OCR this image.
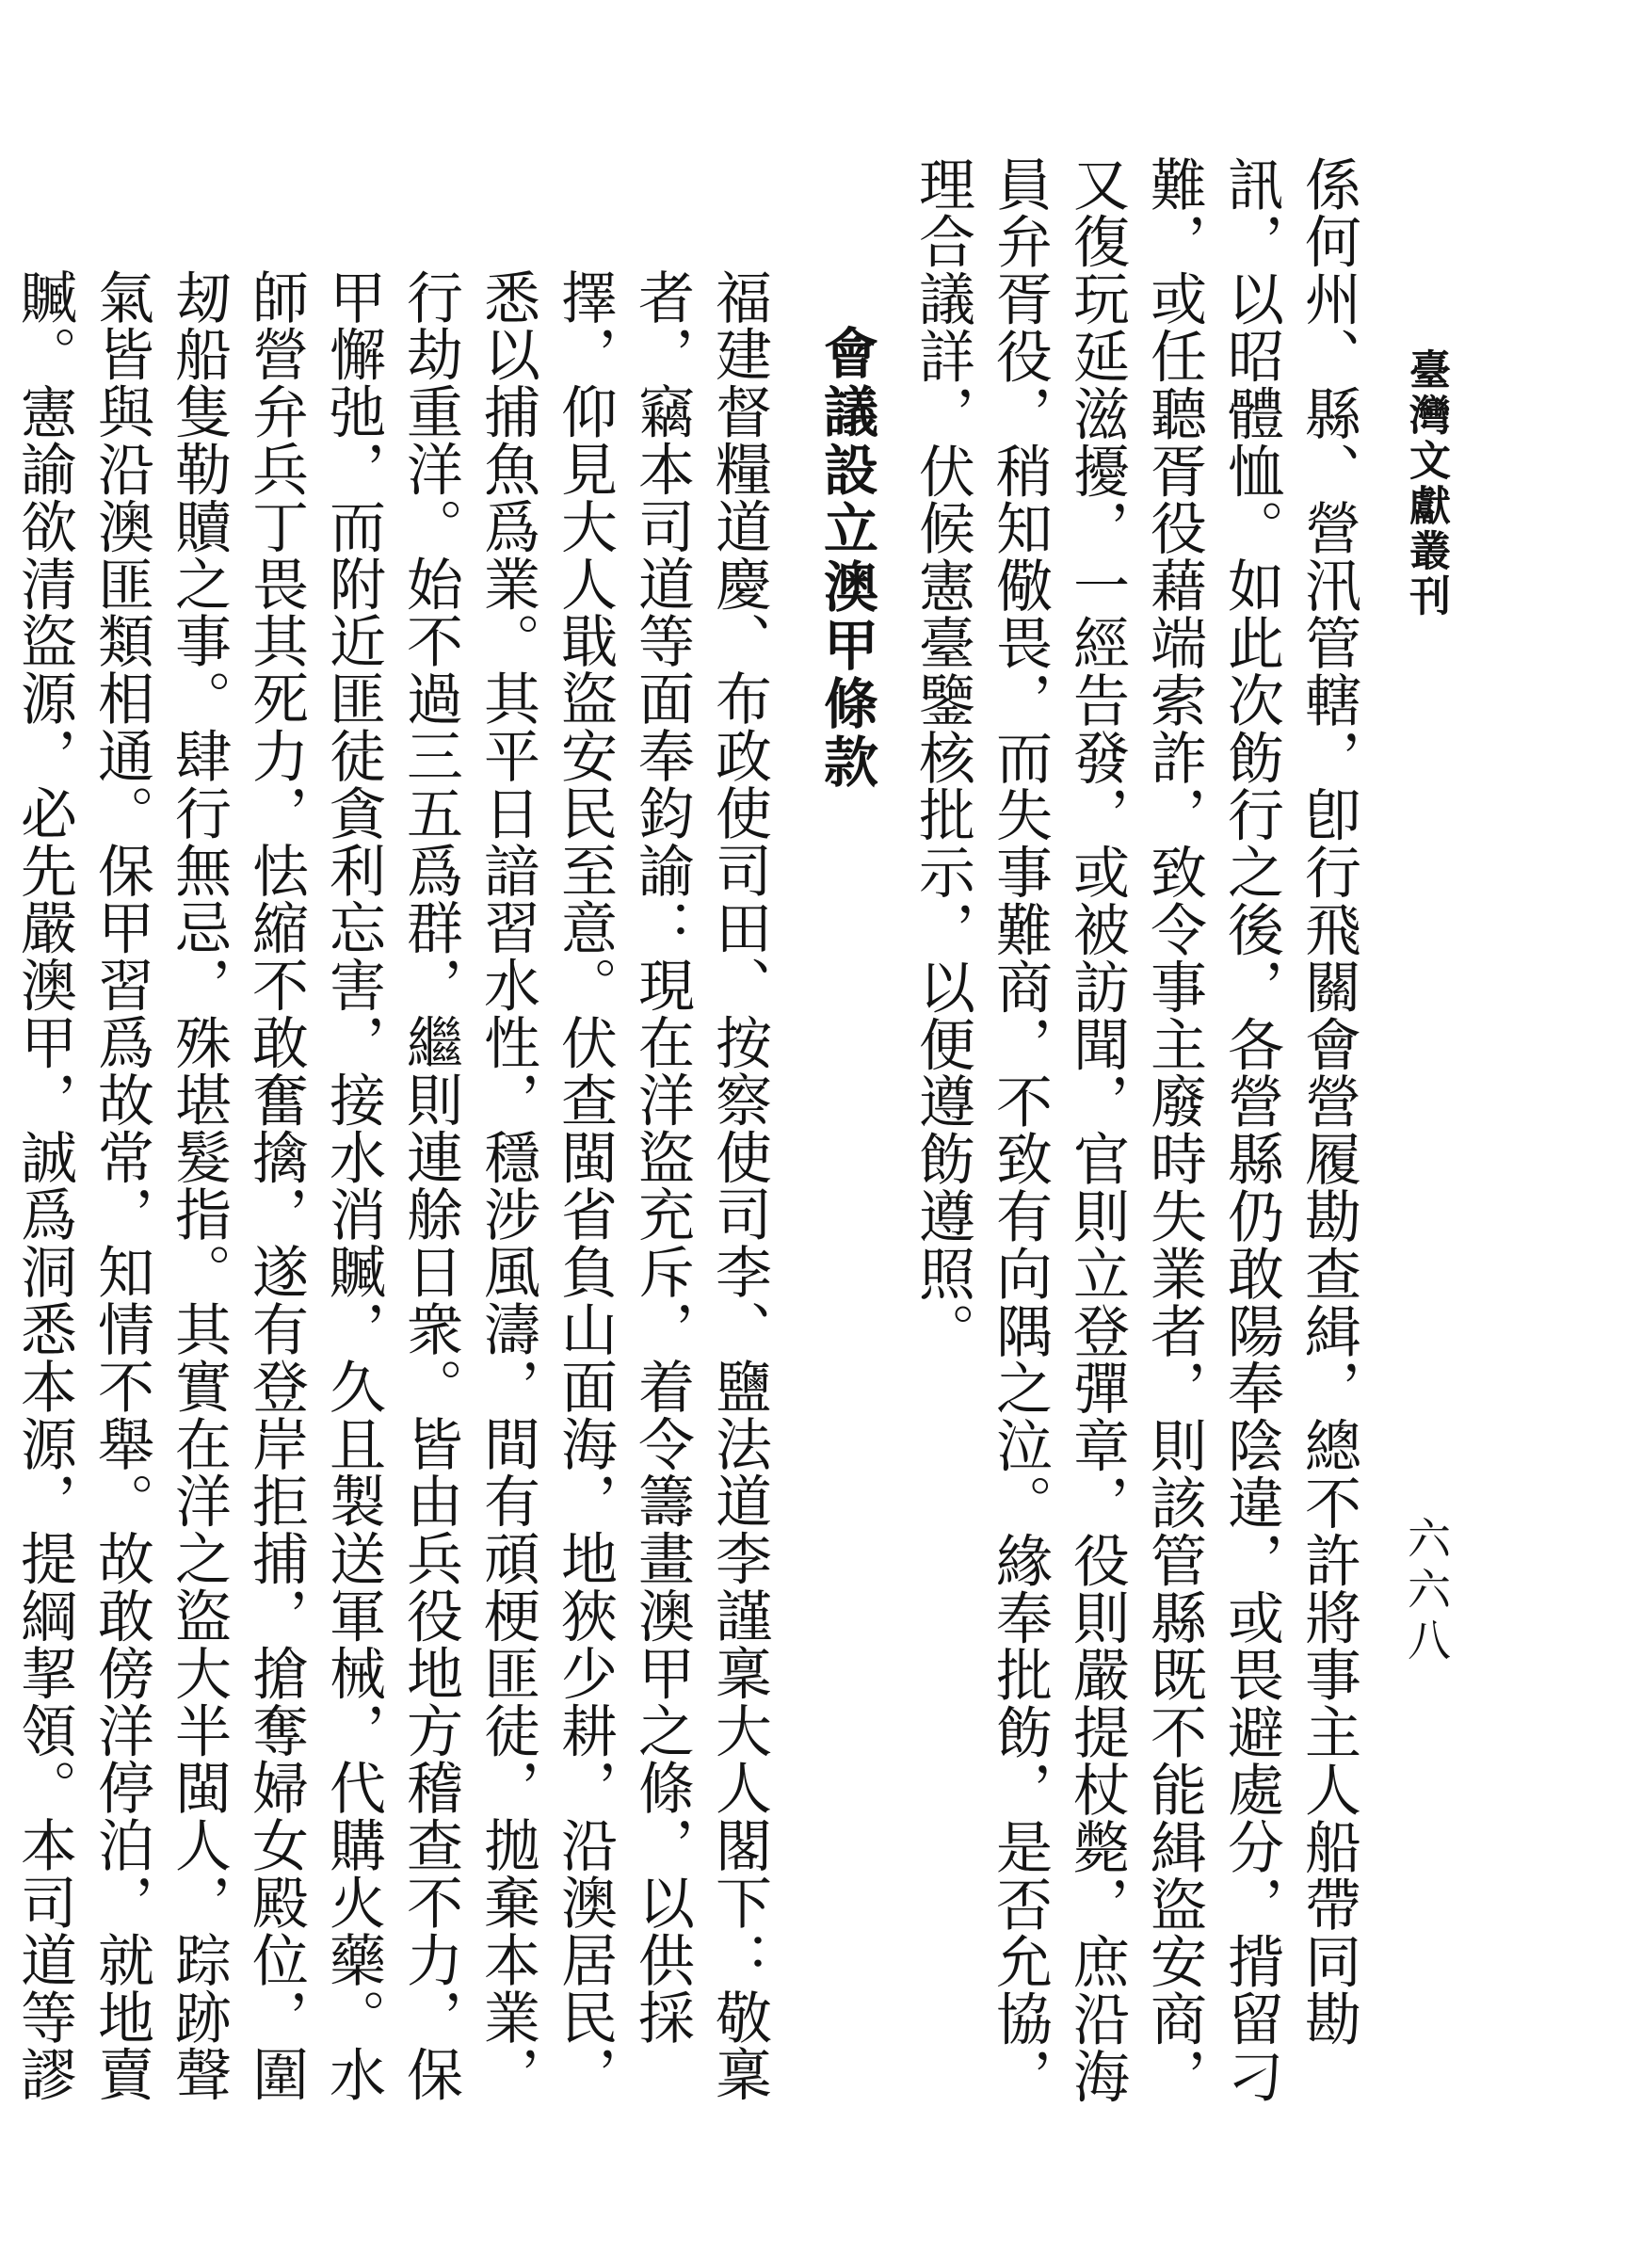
臺灣文獻叢刊
六六八
係何州、縣、營汛管轄，卽行飛關會營履勘查緝，總不許將事主人船帶同勘訊，以昭體恤。如此次飭行之後，各營縣仍敢陽奉陰違，或畏避處分，揹留刁難，或任聽胥役藉端索詐，致令事主廢時失業者，則該管縣既不能緝盜安商，又復玩延滋擾，一經告發，或被訪聞，官則立登彈章，役則嚴提杖斃，庶沿海員弁胥役，稍知儆畏，而失事難商，不致有向隅之泣。緣奉批飭，是否允協，理合議詳，伏候憲臺鑒核批示，以便遵飭遵照。
會議設立澳甲條款
福建督糧道慶、布政使司田、按察使司李、鹽法道李謹稟大人閣下：敬稟者，竊本司道等面奉鈞諭：現在洋盜充斥，着令籌畫澳甲之條，以供採擇，仰見大人戢盜安民至意。伏查閩省負山面海，地狹少耕，沿澳居民，悉以捕魚爲業。其平日諳習水性，穩涉風濤，間有頑梗匪徒，拋棄本業，行劫重洋。始不過三五爲群，繼則連艅日衆。皆由兵役地方稽查不力，保甲懈弛，而附近匪徒貪利忘害，接水消贓，久且製送軍械，代購火藥。水師營弁兵丁畏其死力，怯縮不敢奮擒，遂有登岸拒捕，搶奪婦女殿位，圍刼船隻勒贖之事。肆行無忌，殊堪髮指。其實在洋之盜大半閩人，踪跡聲氣皆與沿澳匪類相通。保甲習爲故常，知情不舉。故敢傍洋停泊，就地賣贓。憲諭欲清盜源，必先嚴澳甲，誠爲洞悉本源，提綱挈領。本司道等謬
